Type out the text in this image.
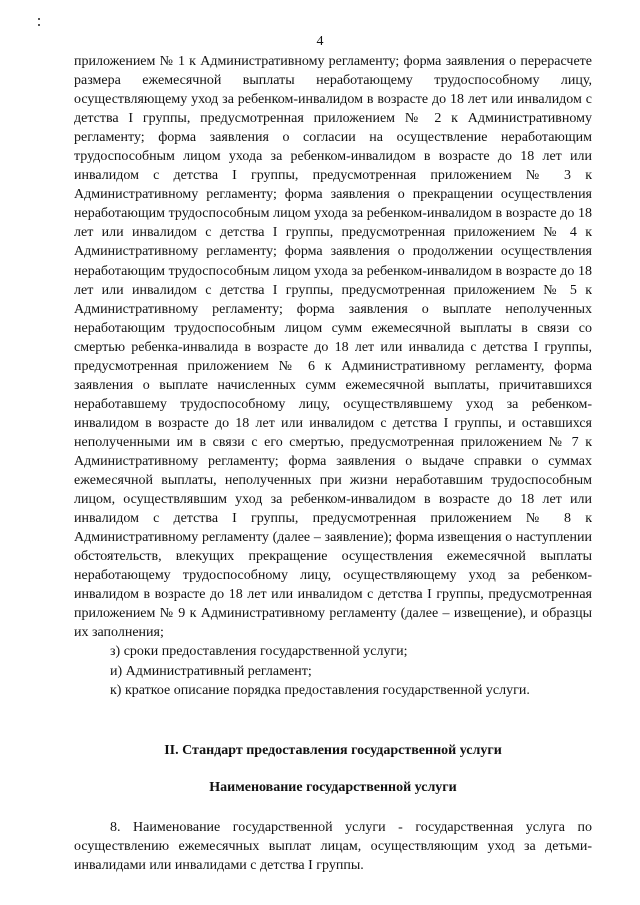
4

приложением № 1 к Административному регламенту; форма заявления о перерасчете размера ежемесячной выплаты неработающему трудоспособному лицу, осуществляющему уход за ребенком-инвалидом в возрасте до 18 лет или инвалидом с детства I группы, предусмотренная приложением № 2 к Административному регламенту; форма заявления о согласии на осуществление неработающим трудоспособным лицом ухода за ребенком-инвалидом в возрасте до 18 лет или инвалидом с детства I группы, предусмотренная приложением № 3 к Административному регламенту; форма заявления о прекращении осуществления неработающим трудоспособным лицом ухода за ребенком-инвалидом в возрасте до 18 лет или инвалидом с детства I группы, предусмотренная приложением № 4 к Административному регламенту; форма заявления о продолжении осуществления неработающим трудоспособным лицом ухода за ребенком-инвалидом в возрасте до 18 лет или инвалидом с детства I группы, предусмотренная приложением № 5 к Административному регламенту; форма заявления о выплате неполученных неработающим трудоспособным лицом сумм ежемесячной выплаты в связи со смертью ребенка-инвалида в возрасте до 18 лет или инвалида с детства I группы, предусмотренная приложением № 6 к Административному регламенту, форма заявления о выплате начисленных сумм ежемесячной выплаты, причитавшихся неработавшему трудоспособному лицу, осуществлявшему уход за ребенком-инвалидом в возрасте до 18 лет или инвалидом с детства I группы, и оставшихся неполученными им в связи с его смертью, предусмотренная приложением № 7 к Административному регламенту; форма заявления о выдаче справки о суммах ежемесячной выплаты, неполученных при жизни неработавшим трудоспособным лицом, осуществлявшим уход за ребенком-инвалидом в возрасте до 18 лет или инвалидом с детства I группы, предусмотренная приложением № 8 к Административному регламенту (далее – заявление); форма извещения о наступлении обстоятельств, влекущих прекращение осуществления ежемесячной выплаты неработающему трудоспособному лицу, осуществляющему уход за ребенком-инвалидом в возрасте до 18 лет или инвалидом с детства I группы, предусмотренная приложением № 9 к Административному регламенту (далее – извещение), и образцы их заполнения;

з) сроки предоставления государственной услуги;

и) Административный регламент;

к) краткое описание порядка предоставления государственной услуги.

II. Стандарт предоставления государственной услуги

Наименование государственной услуги

8. Наименование государственной услуги - государственная услуга по осуществлению ежемесячных выплат лицам, осуществляющим уход за детьми-инвалидами или инвалидами с детства I группы.
